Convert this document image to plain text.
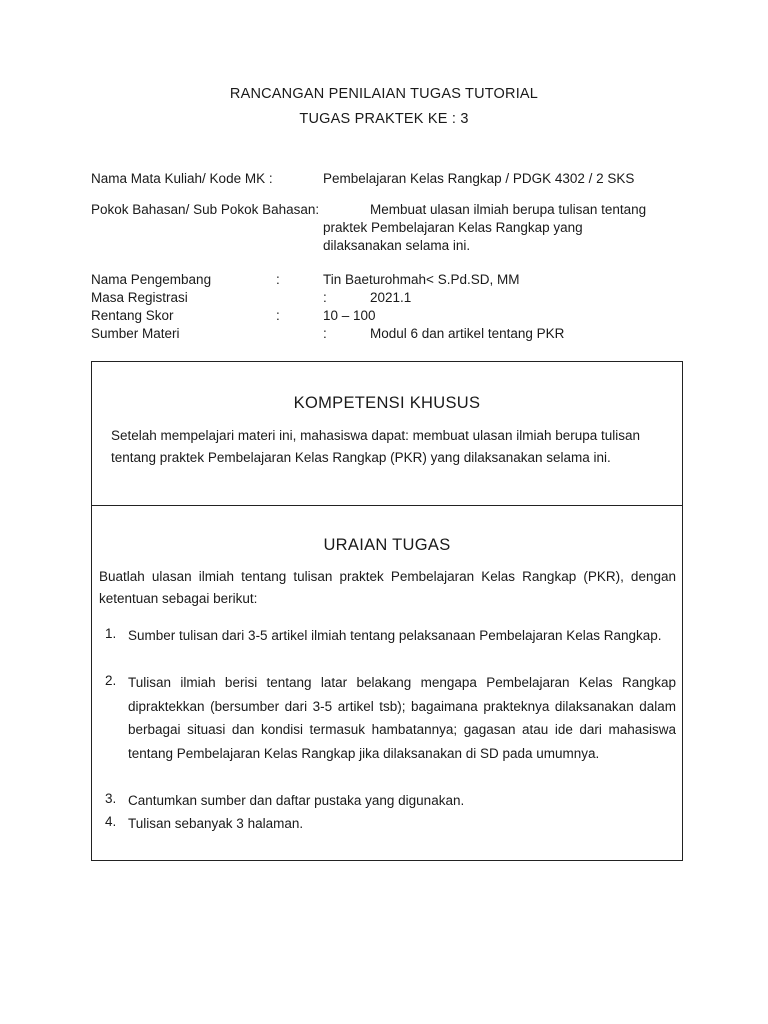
RANCANGAN PENILAIAN TUGAS TUTORIAL
TUGAS PRAKTEK KE : 3
Nama Mata Kuliah/ Kode MK :	Pembelajaran Kelas Rangkap / PDGK 4302 / 2 SKS
Pokok Bahasan/ Sub Pokok Bahasan:	Membuat ulasan ilmiah berupa tulisan tentang
praktek Pembelajaran Kelas Rangkap yang
dilaksanakan selama ini.
Nama Pengembang	:	Tin Baeturohmah< S.Pd.SD, MM
Masa Registrasi	:	2021.1
Rentang Skor	:	10 – 100
Sumber Materi	:	Modul 6 dan artikel tentang PKR
KOMPETENSI KHUSUS
Setelah mempelajari materi ini, mahasiswa dapat: membuat ulasan ilmiah berupa tulisan tentang praktek Pembelajaran Kelas Rangkap (PKR) yang dilaksanakan selama ini.
URAIAN TUGAS
Buatlah ulasan ilmiah tentang tulisan praktek Pembelajaran Kelas Rangkap (PKR), dengan ketentuan sebagai berikut:
1. Sumber tulisan dari 3-5 artikel ilmiah tentang pelaksanaan Pembelajaran Kelas Rangkap.
2. Tulisan ilmiah berisi tentang latar belakang mengapa Pembelajaran Kelas Rangkap dipraktekkan (bersumber dari 3-5 artikel tsb); bagaimana prakteknya dilaksanakan dalam berbagai situasi dan kondisi termasuk hambatannya; gagasan atau ide dari mahasiswa tentang Pembelajaran Kelas Rangkap jika dilaksanakan di SD pada umumnya.
3. Cantumkan sumber dan daftar pustaka yang digunakan.
4. Tulisan sebanyak 3 halaman.
